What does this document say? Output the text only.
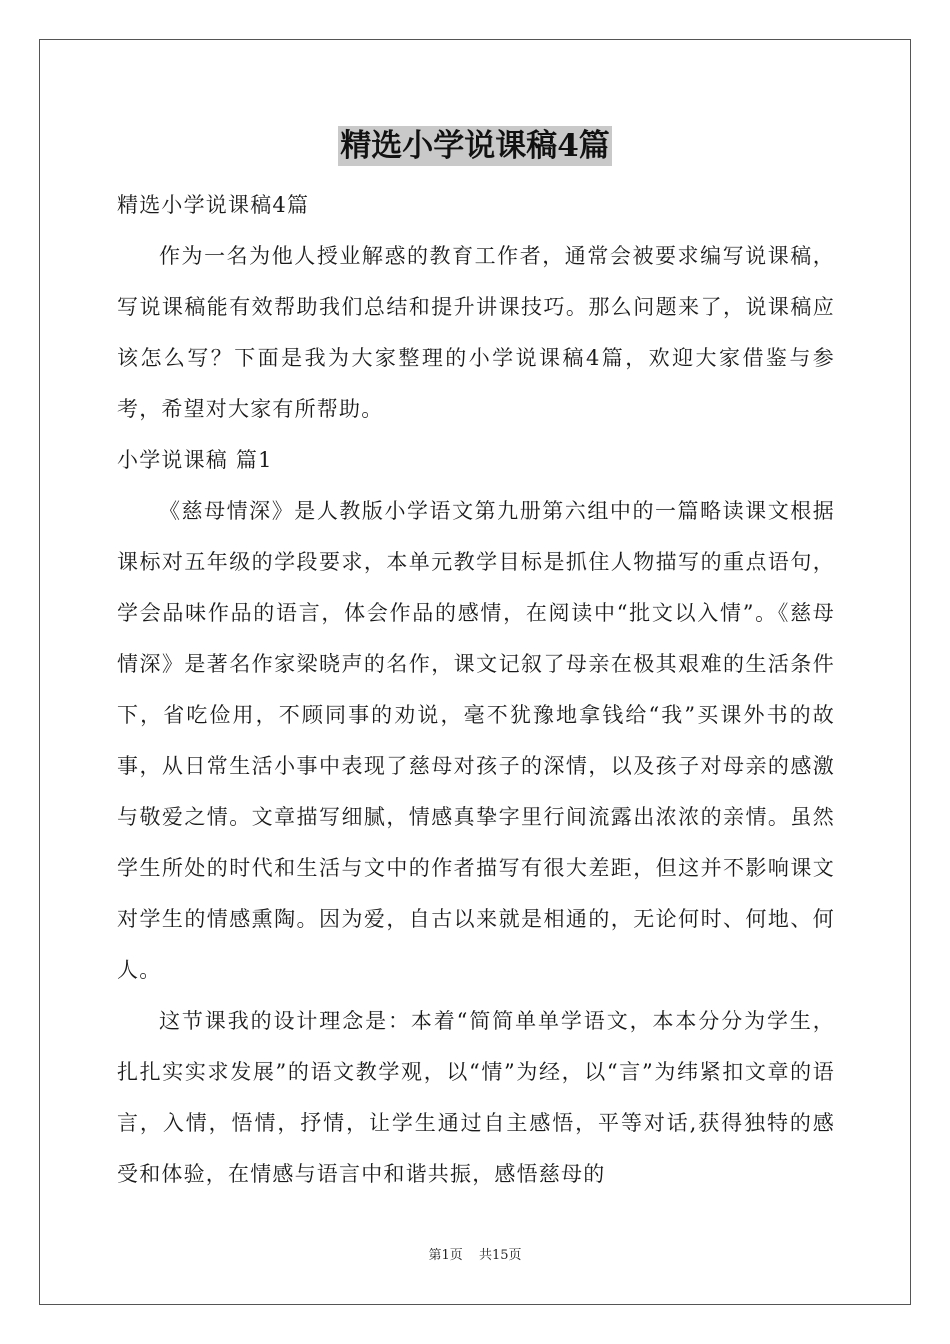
精选小学说课稿4篇

精选小学说课稿4篇

作为一名为他人授业解惑的教育工作者，通常会被要求编写说课稿，写说课稿能有效帮助我们总结和提升讲课技巧。那么问题来了，说课稿应该怎么写？下面是我为大家整理的小学说课稿4篇，欢迎大家借鉴与参考，希望对大家有所帮助。

小学说课稿 篇1

《慈母情深》是人教版小学语文第九册第六组中的一篇略读课文根据课标对五年级的学段要求，本单元教学目标是抓住人物描写的重点语句，学会品味作品的语言，体会作品的感情，在阅读中“批文以入情”。《慈母情深》是著名作家梁晓声的名作，课文记叙了母亲在极其艰难的生活条件下，省吃俭用，不顾同事的劝说，毫不犹豫地拿钱给“我”买课外书的故事，从日常生活小事中表现了慈母对孩子的深情，以及孩子对母亲的感激与敬爱之情。文章描写细腻，情感真挚字里行间流露出浓浓的亲情。虽然学生所处的时代和生活与文中的作者描写有很大差距，但这并不影响课文对学生的情感熏陶。因为爱，自古以来就是相通的，无论何时、何地、何人。

这节课我的设计理念是：本着“简简单单学语文，本本分分为学生，扎扎实实求发展”的语文教学观，以“情”为经，以“言”为纬紧扣文章的语言，入情，悟情，抒情，让学生通过自主感悟，平等对话,获得独特的感受和体验，在情感与语言中和谐共振，感悟慈母的

第1页 共15页
